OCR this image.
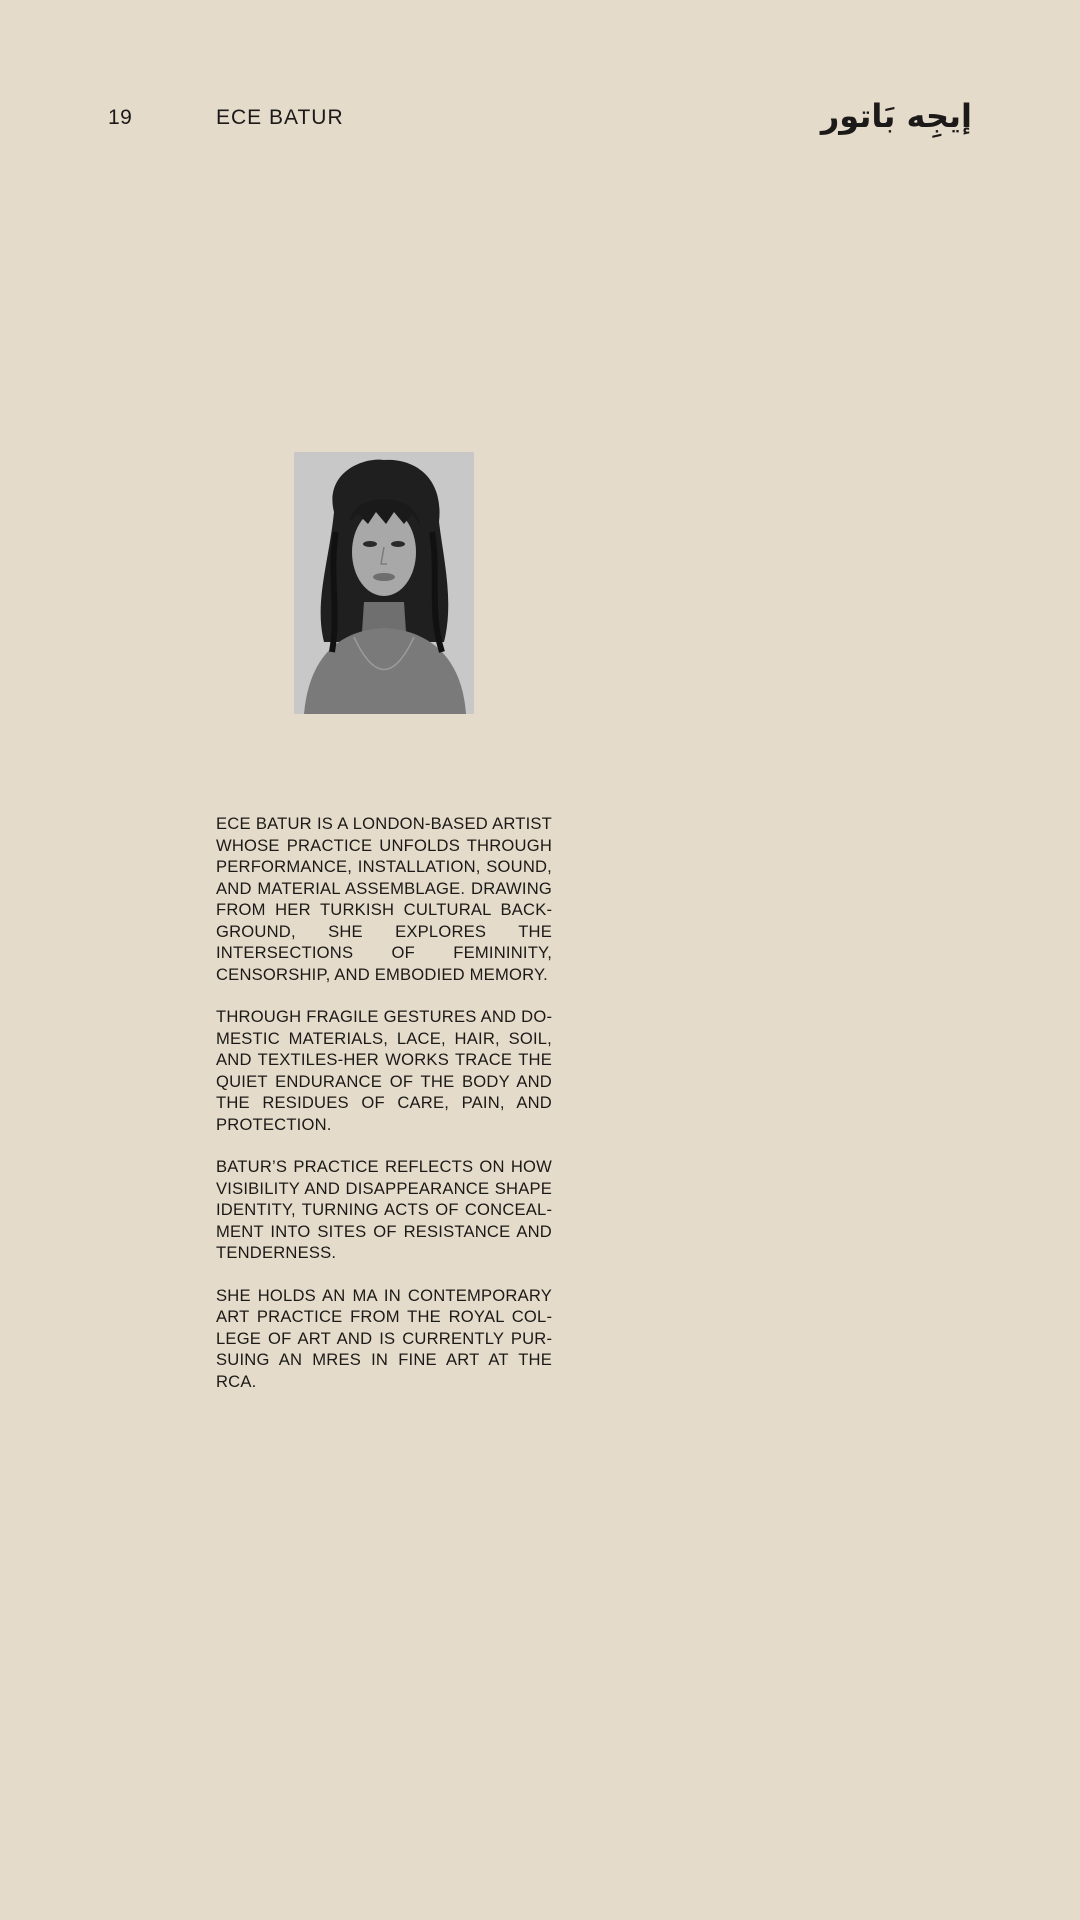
19	ECE BATUR	إيجِه بَاتور

ECE BATUR IS A LONDON-BASED ARTIST WHOSE PRACTICE UNFOLDS THROUGH PERFORMANCE, INSTALLATION, SOUND, AND MATERIAL ASSEMBLAGE. DRAWING FROM HER TURKISH CULTURAL BACKGROUND, SHE EXPLORES THE INTERSECTIONS OF FEMININITY, CENSORSHIP, AND EMBODIED MEMORY.

THROUGH FRAGILE GESTURES AND DOMESTIC MATERIALS, LACE, HAIR, SOIL, AND TEXTILES-HER WORKS TRACE THE QUIET ENDURANCE OF THE BODY AND THE RESIDUES OF CARE, PAIN, AND PROTECTION.

BATUR’S PRACTICE REFLECTS ON HOW VISIBILITY AND DISAPPEARANCE SHAPE IDENTITY, TURNING ACTS OF CONCEALMENT INTO SITES OF RESISTANCE AND TENDERNESS.

SHE HOLDS AN MA IN CONTEMPORARY ART PRACTICE FROM THE ROYAL COLLEGE OF ART AND IS CURRENTLY PURSUING AN MRES IN FINE ART AT THE RCA.
